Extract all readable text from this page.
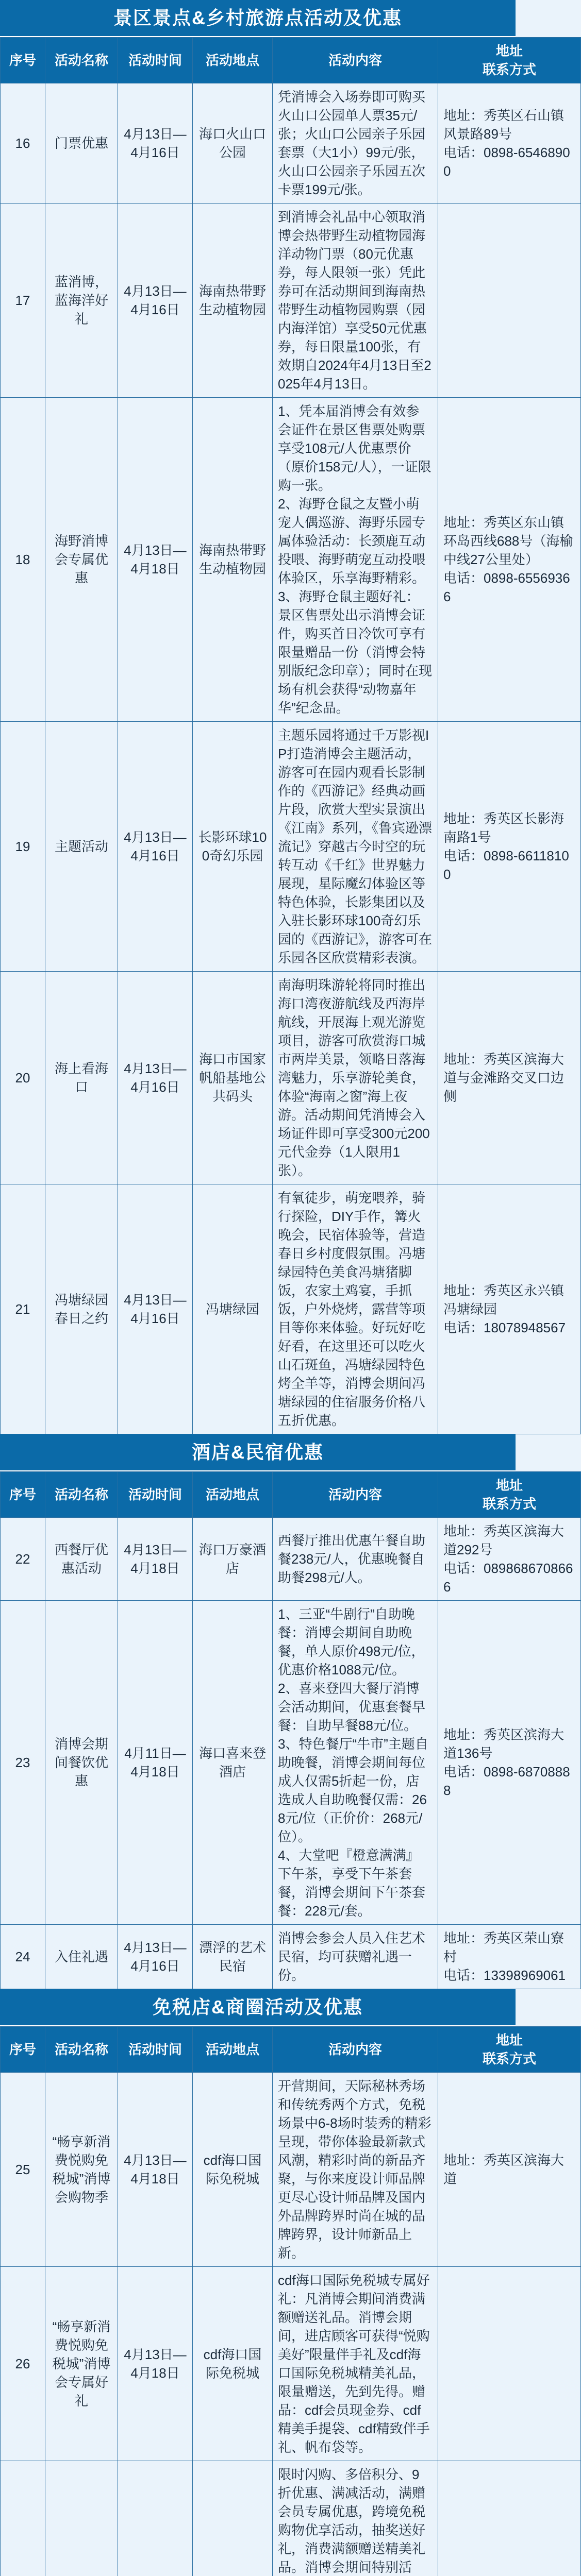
景区景点&乡村旅游点活动及优惠
序号	活动名称	活动时间	活动地点	活动内容	地址
联系方式
16	门票优惠	4月13日—4月16日	海口火山口公园	凭消博会入场券即可购买火山口公园单人票35元/张；火山口公园亲子乐园套票（大1小）99元/张，火山口公园亲子乐园五次卡票199元/张。	地址：秀英区石山镇风景路89号
电话：0898-65468900
17	蓝消博，蓝海洋好礼	4月13日—4月16日	海南热带野生动植物园	到消博会礼品中心领取消博会热带野生动植物园海洋动物门票（80元优惠券，每人限领一张）凭此券可在活动期间到海南热带野生动植物园购票（园内海洋馆）享受50元优惠券，每日限量100张，有效期自2024年4月13日至2025年4月13日。	
18	海野消博会专属优惠	4月13日—4月18日	海南热带野生动植物园	1、凭本届消博会有效参会证件在景区售票处购票享受108元/人优惠票价（原价158元/人），一证限购一张。
2、海野仓鼠之友暨小萌宠人偶巡游、海野乐园专属体验活动：长颈鹿互动投喂、海野萌宠互动投喂体验区，乐享海野精彩。
3、海野仓鼠主题好礼：景区售票处出示消博会证件，购买首日冷饮可享有限量赠品一份（消博会特别版纪念印章）；同时在现场有机会获得“动物嘉年华”纪念品。	地址：秀英区东山镇环岛西线688号（海榆中线27公里处）
电话：0898-65569366
19	主题活动	4月13日—4月16日	长影环球100奇幻乐园	主题乐园将通过千万影视IP打造消博会主题活动，游客可在园内观看长影制作的《西游记》经典动画片段，欣赏大型实景演出《江南》系列，《鲁宾逊漂流记》穿越古今时空的玩转互动《千红》世界魅力展现，星际魔幻体验区等特色体验，长影集团以及入驻长影环球100奇幻乐园的《西游记》，游客可在乐园各区欣赏精彩表演。	地址：秀英区长影海南路1号
电话：0898-66118100
20	海上看海口	4月13日—4月16日	海口市国家帆船基地公共码头	南海明珠游轮将同时推出海口湾夜游航线及西海岸航线，开展海上观光游览项目，游客可欣赏海口城市两岸美景，领略日落海湾魅力，乐享游轮美食，体验“海南之窗”海上夜游。活动期间凭消博会入场证件即可享受300元200元代金券（1人限用1张）。	地址：秀英区滨海大道与金滩路交叉口边侧
21	冯塘绿园春日之约	4月13日—4月16日	冯塘绿园	有氧徒步，萌宠喂养，骑行探险，DIY手作，篝火晚会，民宿体验等，营造春日乡村度假氛围。冯塘绿园特色美食冯塘猪脚饭，农家土鸡宴，手抓饭，户外烧烤，露营等项目等你来体验。好玩好吃好看，在这里还可以吃火山石斑鱼，冯塘绿园特色烤全羊等，消博会期间冯塘绿园的住宿服务价格八五折优惠。	地址：秀英区永兴镇冯塘绿园
电话：18078948567
酒店&民宿优惠
序号	活动名称	活动时间	活动地点	活动内容	地址
联系方式
22	西餐厅优惠活动	4月13日—4月18日	海口万豪酒店	西餐厅推出优惠午餐自助餐238元/人，优惠晚餐自助餐298元/人。	地址：秀英区滨海大道292号
电话：0898686708666
23	消博会期间餐饮优惠	4月11日—4月18日	海口喜来登酒店	1、三亚“牛剧行”自助晚餐：消博会期间自助晚餐，单人原价498元/位，优惠价格1088元/位。
2、喜来登四大餐厅消博会活动期间，优惠套餐早餐：自助早餐88元/位。
3、特色餐厅“牛市”主题自助晚餐，消博会期间每位成人仅需5折起一份，店选成人自助晚餐仅需：268元/位（正价价：268元/位）。
4、大堂吧『橙意满满』下午茶，享受下午茶套餐，消博会期间下午茶套餐：228元/套。	地址：秀英区滨海大道136号
电话：0898-68708888
24	入住礼遇	4月13日—4月16日	漂浮的艺术民宿	消博会参会人员入住艺术民宿，均可获赠礼遇一份。	地址：秀英区荣山寮村
电话：13398969061
免税店&商圈活动及优惠
序号	活动名称	活动时间	活动地点	活动内容	地址
联系方式
25	“畅享新消费悦购免税城”消博会购物季	4月13日—4月18日	cdf海口国际免税城	开营期间，天际秘林秀场和传统秀两个方式，免税场景中6-8场时装秀的精彩呈现，带你体验最新款式风潮，精彩时尚的新品齐聚，与你来度设计师品牌更尽心设计师品牌及国内外品牌跨界时尚在城的品牌跨界，设计师新品上新。	地址：秀英区滨海大道
26	“畅享新消费悦购免税城”消博会专属好礼	4月13日—4月18日	cdf海口国际免税城	cdf海口国际免税城专属好礼：凡消博会期间消费满额赠送礼品。消博会期间，进店顾客可获得“悦购美好”限量伴手礼及cdf海口国际免税城精美礼品，限量赠送，先到先得。赠品：cdf会员现金券、cdf精美手提袋、cdf精致伴手礼、帆布袋等。	
				限时闪购、多倍积分、9折优惠、满减活动，满赠会员专属优惠，跨境免税购物优享活动，抽奖送好礼，消费满额赠送精美礼品。消博会期间特别活	
